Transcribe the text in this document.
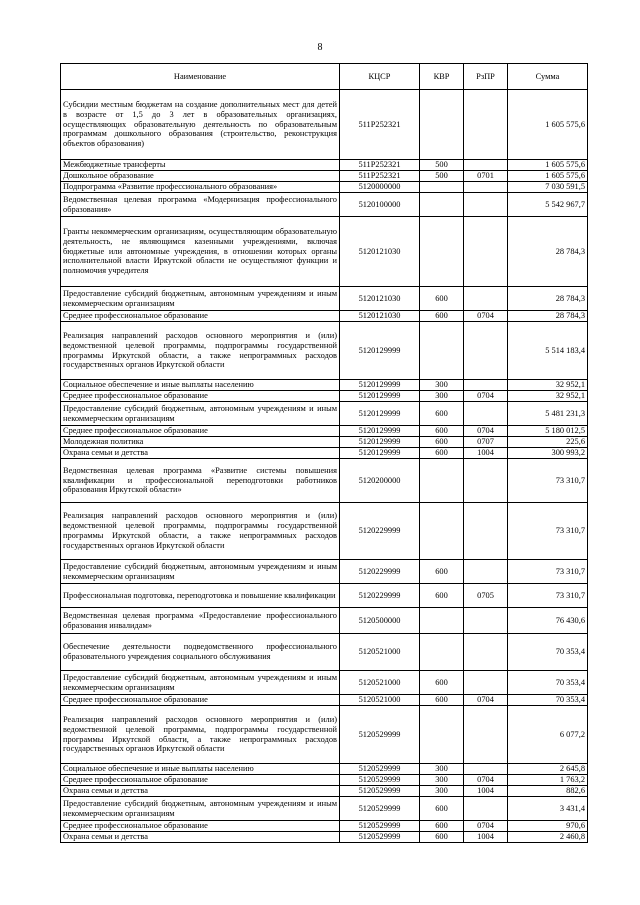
8
Наименование	КЦСР	КВР	РзПР	Сумма
Субсидии местным бюджетам на создание дополнительных мест для детей в возрасте от 1,5 до 3 лет в образовательных организациях, осуществляющих образовательную деятельность по образовательным программам дошкольного образования (строительство, реконструкция объектов образования)	511P252321			1 605 575,6
Межбюджетные трансферты	511P252321	500		1 605 575,6
Дошкольное образование	511P252321	500	0701	1 605 575,6
Подпрограмма «Развитие профессионального образования»	5120000000			7 030 591,5
Ведомственная целевая программа «Модернизация профессионального образования»	5120100000			5 542 967,7
Гранты некоммерческим организациям, осуществляющим образовательную деятельность, не являющимся казенными учреждениями, включая бюджетные или автономные учреждения, в отношении которых органы исполнительной власти Иркутской области не осуществляют функции и полномочия учредителя	5120121030			28 784,3
Предоставление субсидий бюджетным, автономным учреждениям и иным некоммерческим организациям	5120121030	600		28 784,3
Среднее профессиональное образование	5120121030	600	0704	28 784,3
Реализация направлений расходов основного мероприятия и (или) ведомственной целевой программы, подпрограммы государственной программы Иркутской области, а также непрограммных расходов государственных органов Иркутской области	5120129999			5 514 183,4
Социальное обеспечение и иные выплаты населению	5120129999	300		32 952,1
Среднее профессиональное образование	5120129999	300	0704	32 952,1
Предоставление субсидий бюджетным, автономным учреждениям и иным некоммерческим организациям	5120129999	600		5 481 231,3
Среднее профессиональное образование	5120129999	600	0704	5 180 012,5
Молодежная политика	5120129999	600	0707	225,6
Охрана семьи и детства	5120129999	600	1004	300 993,2
Ведомственная целевая программа «Развитие системы повышения квалификации и профессиональной переподготовки работников образования Иркутской области»	5120200000			73 310,7
Реализация направлений расходов основного мероприятия и (или) ведомственной целевой программы, подпрограммы государственной программы Иркутской области, а также непрограммных расходов государственных органов Иркутской области	5120229999			73 310,7
Предоставление субсидий бюджетным, автономным учреждениям и иным некоммерческим организациям	5120229999	600		73 310,7
Профессиональная подготовка, переподготовка и повышение квалификации	5120229999	600	0705	73 310,7
Ведомственная целевая программа «Предоставление профессионального образования инвалидам»	5120500000			76 430,6
Обеспечение деятельности подведомственного профессионального образовательного учреждения социального обслуживания	5120521000			70 353,4
Предоставление субсидий бюджетным, автономным учреждениям и иным некоммерческим организациям	5120521000	600		70 353,4
Среднее профессиональное образование	5120521000	600	0704	70 353,4
Реализация направлений расходов основного мероприятия и (или) ведомственной целевой программы, подпрограммы государственной программы Иркутской области, а также непрограммных расходов государственных органов Иркутской области	5120529999			6 077,2
Социальное обеспечение и иные выплаты населению	5120529999	300		2 645,8
Среднее профессиональное образование	5120529999	300	0704	1 763,2
Охрана семьи и детства	5120529999	300	1004	882,6
Предоставление субсидий бюджетным, автономным учреждениям и иным некоммерческим организациям	5120529999	600		3 431,4
Среднее профессиональное образование	5120529999	600	0704	970,6
Охрана семьи и детства	5120529999	600	1004	2 460,8
